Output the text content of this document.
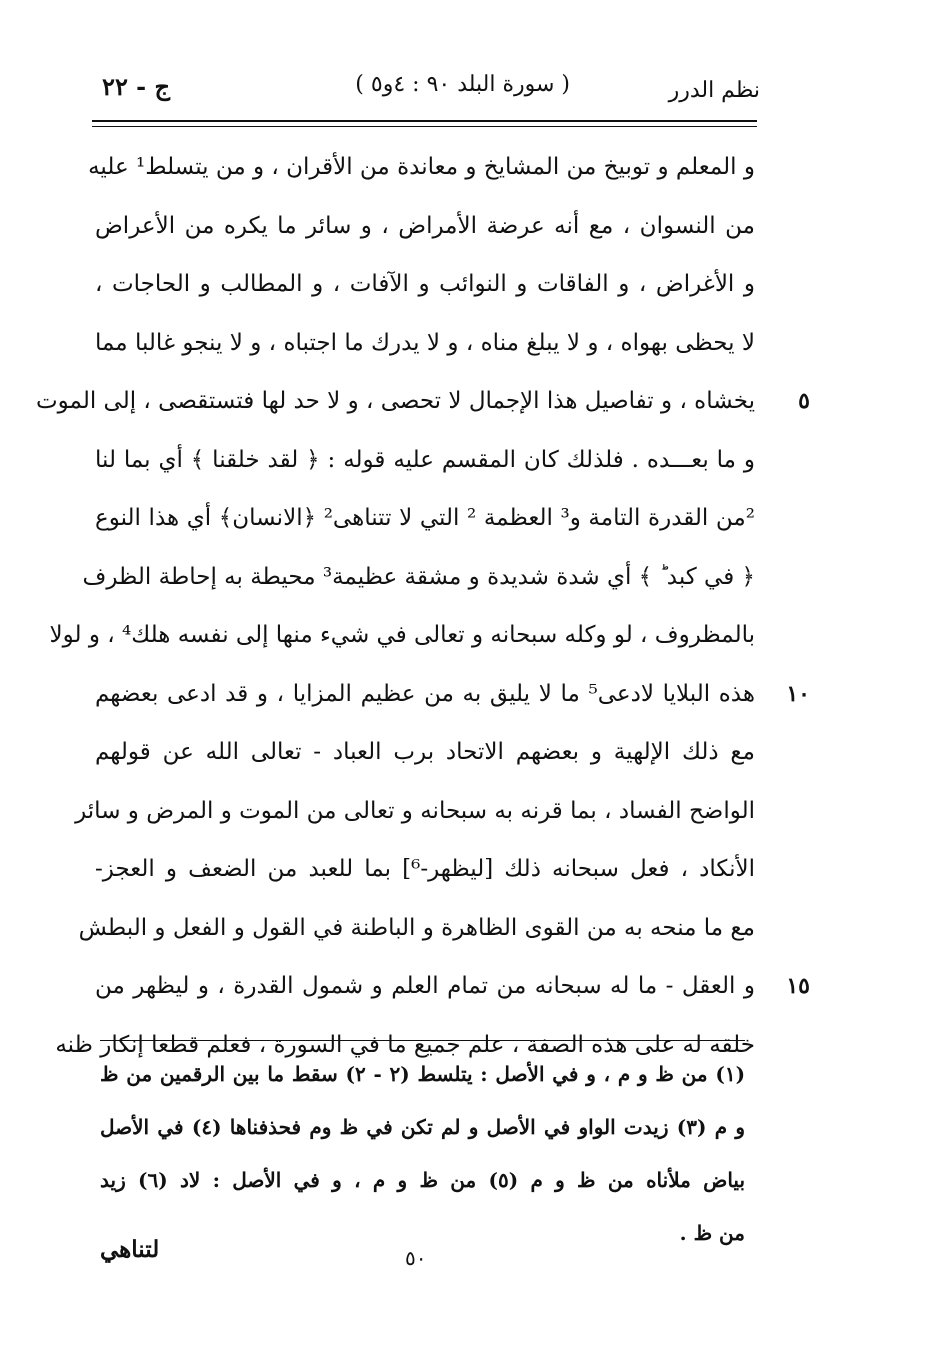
نظم الدرر
( سورة البلد ٩٠ : ٤و٥ )
ج - ٢٢
و المعلم و توبيخ من المشايخ و معاندة من الأقران ، و من يتسلط¹ عليه
من النسوان ، مع أنه عرضة الأمراض ، و سائر ما يكره من الأعراض
و الأغراض ، و الفاقات و النوائب و الآفات ، و المطالب و الحاجات ،
لا يحظى بهواه ، و لا يبلغ مناه ، و لا يدرك ما اجتباه ، و لا ينجو غالبا مما
٥
يخشاه ، و تفاصيل هذا الإجمال لا تحصى ، و لا حد لها فتستقصى ، إلى الموت
و ما بعـــده . فلذلك كان المقسم عليه قوله : ﴿ لقد خلقنا ﴾ أي بما لنا
²من القدرة التامة و³ العظمة ² التي لا تتناهى² ﴿الانسان﴾ أي هذا النوع
﴿ في كبد ؕ ﴾ أي شدة شديدة و مشقة عظيمة³ محيطة به إحاطة الظرف
بالمظروف ، لو وكله سبحانه و تعالى في شيء منها إلى نفسه هلك⁴ ، و لولا
١٠
هذه البلايا لادعى⁵ ما لا يليق به من عظيم المزايا ، و قد ادعى بعضهم
مع ذلك الإلهية و بعضهم الاتحاد برب العباد - تعالى الله عن قولهم
الواضح الفساد ، بما قرنه به سبحانه و تعالى من الموت و المرض و سائر
الأنكاد ، فعل سبحانه ذلك [ليظهر-⁶] بما للعبد من الضعف و العجز-
مع ما منحه به من القوى الظاهرة و الباطنة في القول و الفعل و البطش
١٥
و العقل - ما له سبحانه من تمام العلم و شمول القدرة ، و ليظهر من
خلقه له على هذه الصفة ، علم جميع ما في السورة ، فعلم قطعا إنكار ظنه
(١) من ظ و م ، و في الأصل : يتلسط (٢ - ٢) سقط ما بين الرقمين من ظ
و م (٣) زيدت الواو في الأصل و لم تكن في ظ وم فحذفناها (٤) في الأصل
بياض ملأناه من ظ و م (٥) من ظ و م ، و في الأصل : لاد (٦) زيد
من ظ .
لتناهي	٥٠
